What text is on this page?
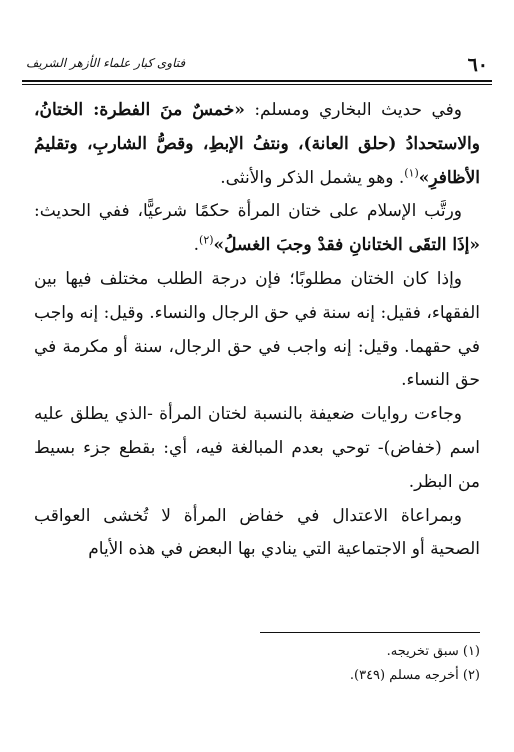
٦٠
فتاوى كبار علماء الأزهر الشريف

وفي حديث البخاري ومسلم: «خمسٌ منَ الفطرة: الختانُ، والاستحدادُ (حلق العانة)، ونتفُ الإبطِ، وقصُّ الشاربِ، وتقليمُ الأظافرِ»$^{(١)}$. وهو يشمل الذكر والأنثى.

ورتَّب الإسلام على ختان المرأة حكمًا شرعيًّا، ففي الحديث: «إذَا التقَى الختانانِ فقدْ وجبَ الغسلُ»$^{(٢)}$.

وإذا كان الختان مطلوبًا؛ فإن درجة الطلب مختلف فيها بين الفقهاء، فقيل: إنه سنة في حق الرجال والنساء. وقيل: إنه واجب في حقهما. وقيل: إنه واجب في حق الرجال، سنة أو مكرمة في حق النساء.

وجاءت روايات ضعيفة بالنسبة لختان المرأة -الذي يطلق عليه اسم (خفاض)- توحي بعدم المبالغة فيه، أي: بقطع جزء بسيط من البظر.

وبمراعاة الاعتدال في خفاض المرأة لا تُخشى العواقب الصحية أو الاجتماعية التي ينادي بها البعض في هذه الأيام

(١) سبق تخريجه.
(٢) أخرجه مسلم (٣٤٩).
